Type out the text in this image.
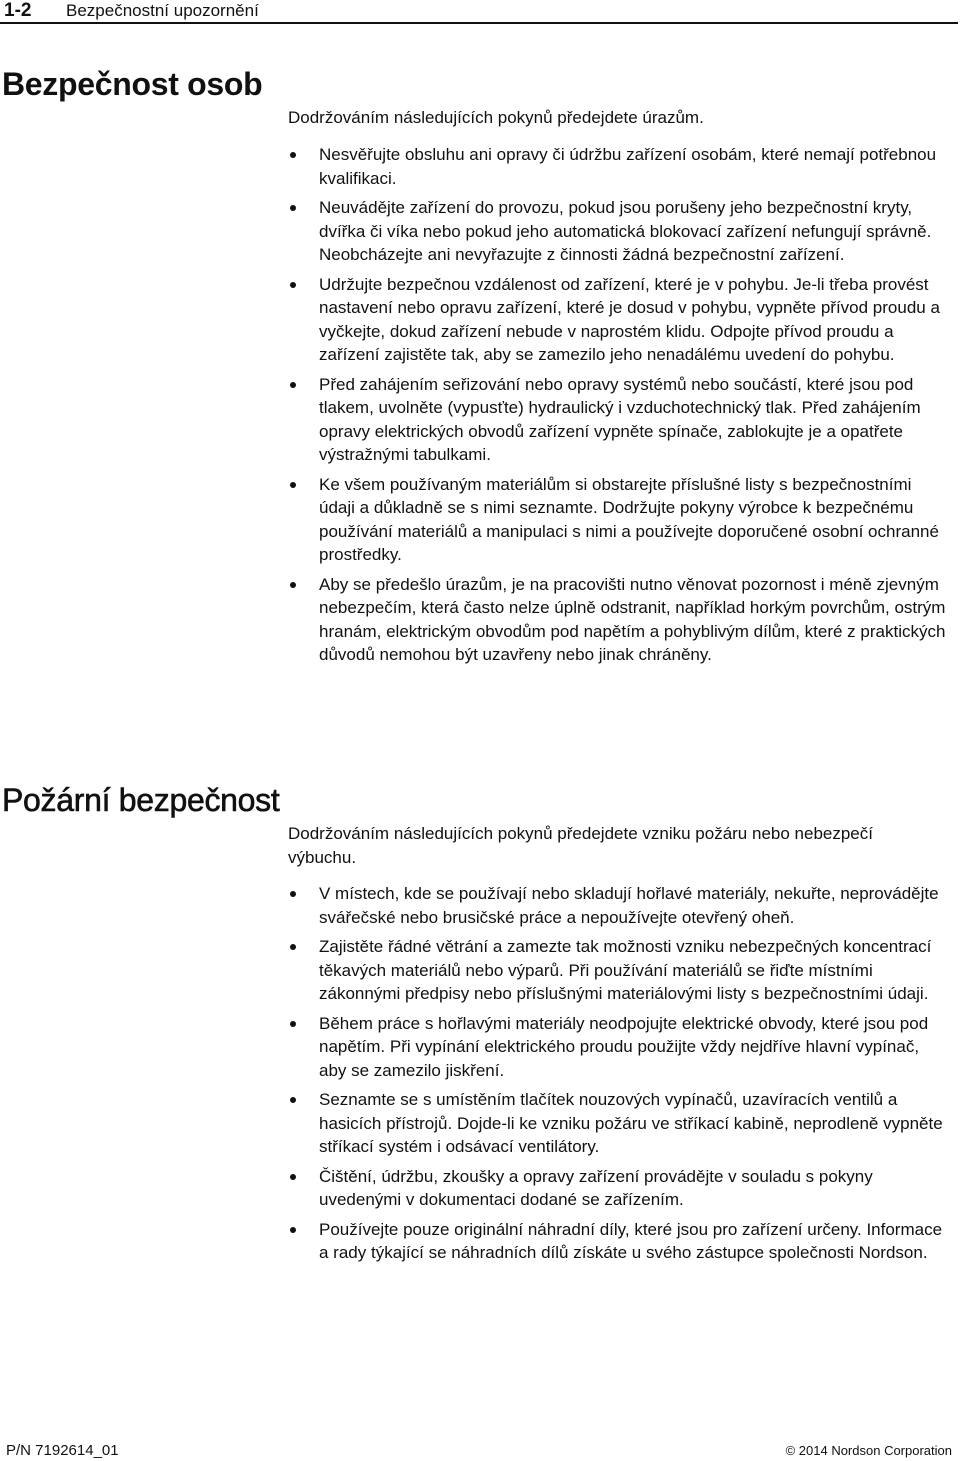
1-2 Bezpečnostní upozornění
Bezpečnost osob

Dodržováním následujících pokynů předejdete úrazům.

Nesvěřujte obsluhu ani opravy či údržbu zařízení osobám, které nemají potřebnou kvalifikaci.
Neuvádějte zařízení do provozu, pokud jsou porušeny jeho bezpečnostní kryty, dvířka či víka nebo pokud jeho automatická blokovací zařízení nefungují správně. Neobcházejte ani nevyřazujte z činnosti žádná bezpečnostní zařízení.
Udržujte bezpečnou vzdálenost od zařízení, které je v pohybu. Je-li třeba provést nastavení nebo opravu zařízení, které je dosud v pohybu, vypněte přívod proudu a vyčkejte, dokud zařízení nebude v naprostém klidu. Odpojte přívod proudu a zařízení zajistěte tak, aby se zamezilo jeho nenadálému uvedení do pohybu.
Před zahájením seřizování nebo opravy systémů nebo součástí, které jsou pod tlakem, uvolněte (vypusťte) hydraulický i vzduchotechnický tlak. Před zahájením opravy elektrických obvodů zařízení vypněte spínače, zablokujte je a opatřete výstražnými tabulkami.
Ke všem používaným materiálům si obstarejte příslušné listy s bezpečnostními údaji a důkladně se s nimi seznamte. Dodržujte pokyny výrobce k bezpečnému používání materiálů a manipulaci s nimi a používejte doporučené osobní ochranné prostředky.
Aby se předešlo úrazům, je na pracovišti nutno věnovat pozornost i méně zjevným nebezpečím, která často nelze úplně odstranit, například horkým povrchům, ostrým hranám, elektrickým obvodům pod napětím a pohyblivým dílům, které z praktických důvodů nemohou být uzavřeny nebo jinak chráněny.
Požární bezpečnost

Dodržováním následujících pokynů předejdete vzniku požáru nebo nebezpečí výbuchu.

V místech, kde se používají nebo skladují hořlavé materiály, nekuřte, neprovádějte svářečské nebo brusičské práce a nepoužívejte otevřený oheň.
Zajistěte řádné větrání a zamezte tak možnosti vzniku nebezpečných koncentrací těkavých materiálů nebo výparů. Při používání materiálů se řiďte místními zákonnými předpisy nebo příslušnými materiálovými listy s bezpečnostními údaji.
Během práce s hořlavými materiály neodpojujte elektrické obvody, které jsou pod napětím. Při vypínání elektrického proudu použijte vždy nejdříve hlavní vypínač, aby se zamezilo jiskření.
Seznamte se s umístěním tlačítek nouzových vypínačů, uzavíracích ventilů a hasicích přístrojů. Dojde-li ke vzniku požáru ve stříkací kabině, neprodleně vypněte stříkací systém i odsávací ventilátory.
Čištění, údržbu, zkoušky a opravy zařízení provádějte v souladu s pokyny uvedenými v dokumentaci dodané se zařízením.
Používejte pouze originální náhradní díly, které jsou pro zařízení určeny. Informace a rady týkající se náhradních dílů získáte u svého zástupce společnosti Nordson.
P/N 7192614_01	© 2014 Nordson Corporation
